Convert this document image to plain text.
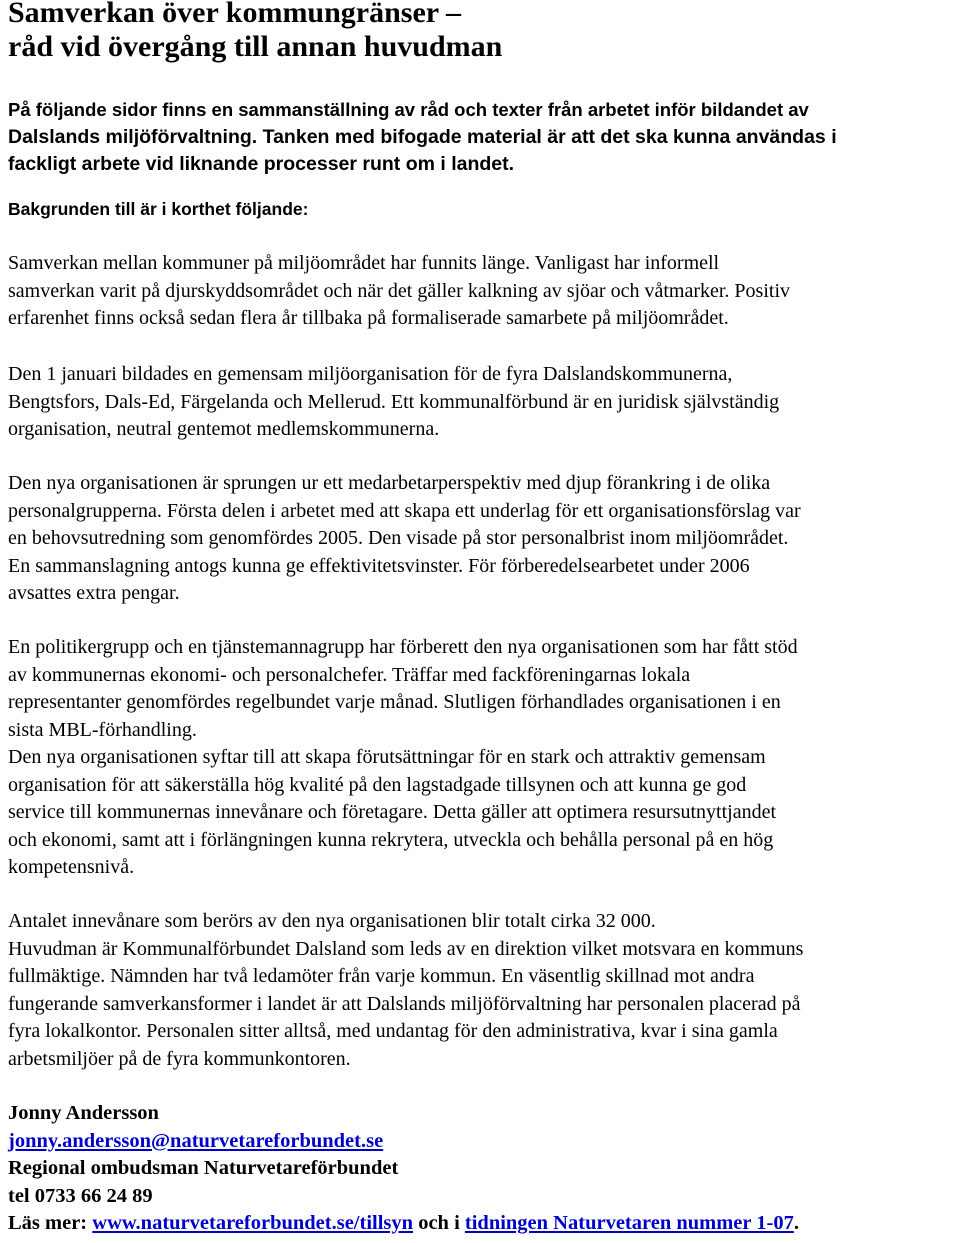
Samverkan över kommungränser –
råd vid övergång till annan huvudman
På följande sidor finns en sammanställning av råd och texter från arbetet inför bildandet av
Dalslands miljöförvaltning. Tanken med bifogade material är att det ska kunna användas i
fackligt arbete vid liknande processer runt om i landet.
Bakgrunden till är i korthet följande:
Samverkan mellan kommuner på miljöområdet har funnits länge. Vanligast har informell
samverkan varit på djurskyddsområdet och när det gäller kalkning av sjöar och våtmarker. Positiv
erfarenhet finns också sedan flera år tillbaka på formaliserade samarbete på miljöområdet.
Den 1 januari bildades en gemensam miljöorganisation för de fyra Dalslandskommunerna,
Bengtsfors, Dals-Ed, Färgelanda och Mellerud. Ett kommunalförbund är en juridisk självständig
organisation, neutral gentemot medlemskommunerna.
Den nya organisationen är sprungen ur ett medarbetarperspektiv med djup förankring i de olika
personalgrupperna. Första delen i arbetet med att skapa ett underlag för ett organisationsförslag var
en behovsutredning som genomfördes 2005. Den visade på stor personalbrist inom miljöområdet.
En sammanslagning antogs kunna ge effektivitetsvinster. För förberedelsearbetet under 2006
avsattes extra pengar.
En politikergrupp och en tjänstemannagrupp har förberett den nya organisationen som har fått stöd
av kommunernas ekonomi- och personalchefer. Träffar med fackföreningarnas lokala
representanter genomfördes regelbundet varje månad. Slutligen förhandlades organisationen i en
sista MBL-förhandling.
Den nya organisationen syftar till att skapa förutsättningar för en stark och attraktiv gemensam
organisation för att säkerställa hög kvalité på den lagstadgade tillsynen och att kunna ge god
service till kommunernas innevånare och företagare. Detta gäller att optimera resursutnyttjandet
och ekonomi, samt att i förlängningen kunna rekrytera, utveckla och behålla personal på en hög
kompetensnivå.
Antalet innevånare som berörs av den nya organisationen blir totalt cirka 32 000.
Huvudman är Kommunalförbundet Dalsland som leds av en direktion vilket motsvara en kommuns
fullmäktige. Nämnden har två ledamöter från varje kommun. En väsentlig skillnad mot andra
fungerande samverkansformer i landet är att Dalslands miljöförvaltning har personalen placerad på
fyra lokalkontor. Personalen sitter alltså, med undantag för den administrativa, kvar i sina gamla
arbetsmiljöer på de fyra kommunkontoren.
Jonny Andersson
jonny.andersson@naturvetareforbundet.se
Regional ombudsman Naturvetareförbundet
tel 0733 66 24 89
Läs mer: www.naturvetareforbundet.se/tillsyn och i tidningen Naturvetaren nummer 1-07.
